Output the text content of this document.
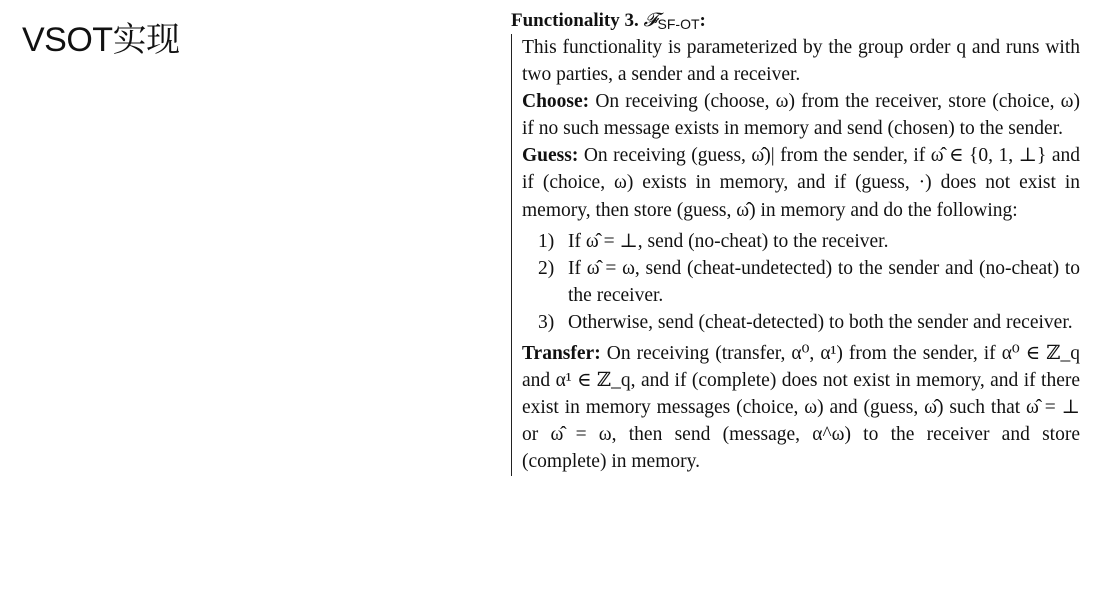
VSOT实现
Functionality 3. 𝓕$_{SF-OT}$:

This functionality is parameterized by the group order q and runs with two parties, a sender and a receiver.

Choose: On receiving (choose, ω) from the receiver, store (choice, ω) if no such message exists in memory and send (chosen) to the sender.

Guess: On receiving (guess, ω̂)| from the sender, if ω̂ ∈ {0, 1, ⊥} and if (choice, ω) exists in memory, and if (guess, ·) does not exist in memory, then store (guess, ω̂) in memory and do the following:

1) If ω̂ = ⊥, send (no-cheat) to the receiver.
2) If ω̂ = ω, send (cheat-undetected) to the sender and (no-cheat) to the receiver.
3) Otherwise, send (cheat-detected) to both the sender and receiver.

Transfer: On receiving (transfer, α⁰, α¹) from the sender, if α⁰ ∈ ℤ_q and α¹ ∈ ℤ_q, and if (complete) does not exist in memory, and if there exist in memory messages (choice, ω) and (guess, ω̂) such that ω̂ = ⊥ or ω̂ = ω, then send (message, α^ω) to the receiver and store (complete) in memory.
